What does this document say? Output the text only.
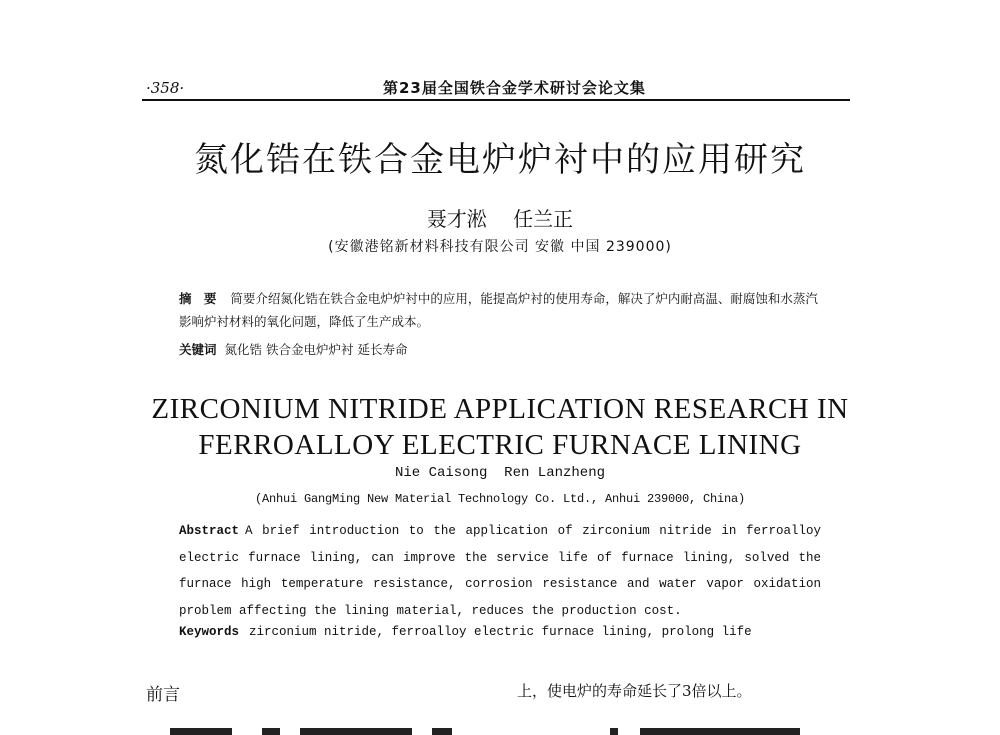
·358·	第23届全国铁合金学术研讨会论文集
氮化锆在铁合金电炉炉衬中的应用研究
聂才淞 任兰正
(安徽港铭新材料科技有限公司 安徽 中国 239000)
摘 要 简要介绍氮化锆在铁合金电炉炉衬中的应用，能提高炉衬的使用寿命，解决了炉内耐高温、耐腐蚀和水蒸汽影响炉衬材料的氧化问题，降低了生产成本。
关键词 氮化锆 铁合金电炉炉衬 延长寿命
ZIRCONIUM NITRIDE APPLICATION RESEARCH IN
FERROALLOY ELECTRIC FURNACE LINING
Nie Caisong  Ren Lanzheng
(Anhui GangMing New Material Technology Co. Ltd., Anhui 239000, China)
Abstract A brief introduction to the application of zirconium nitride in ferroalloy electric furnace lining, can improve the service life of furnace lining, solved the furnace high temperature resistance, corrosion resistance and water vapor oxidation problem affecting the lining material, reduces the production cost.
Keywords zirconium nitride, ferroalloy electric furnace lining, prolong life
前言	上，使电炉的寿命延长了3倍以上。
